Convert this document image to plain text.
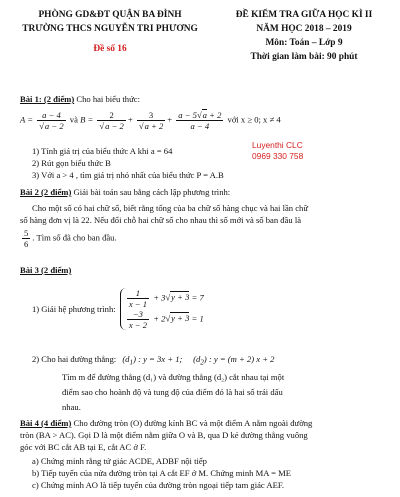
PHÒNG GD&ĐT QUẬN BA ĐÌNH
TRƯỜNG THCS NGUYỄN TRI PHƯƠNG
Đề số 16
ĐỀ KIỂM TRA GIỮA HỌC KÌ II
NĂM HỌC 2018 – 2019
Môn: Toán – Lớp 9
Thời gian làm bài: 90 phút
Luyenthi CLC
0969 330 758
Bài 1: (2 điểm) Cho hai biểu thức:
$A = \frac{a - 4}{√a - 2}$ và $B = \frac{2}{√a - 2} + \frac{3}{√a + 2} + \frac{a - 5√a + 2}{a - 4}$ với x ≥ 0; x ≠ 4
1) Tính giá trị của biểu thức A khi a = 64
2) Rút gọn biểu thức B
3) Với a > 4 , tìm giá trị nhỏ nhất của biểu thức P = A.B
Bài 2 (2 điểm) Giải bài toán sau bằng cách lập phương trình:
Cho một số có hai chữ số, biết rằng tổng của ba chữ số hàng chục và hai lần chữ
số hàng đơn vị là 22. Nếu đổi chỗ hai chữ số cho nhau thì số mới và số ban đầu là
$\frac{5}{6}$ . Tìm số đã cho ban đầu.
Bài 3 (2 điểm)
1) Giải hệ phương trình: $\frac{1}{x - 1} + 3√y + 3 = 7$
$\frac{-3}{x - 2} + 2√y + 3 = 1$
2) Cho hai đường thẳng: $(d_1)$ : y = 3x + 1;     $(d_2)$ : y = (m + 2) x + 2
Tìm m để đường thẳng (d₁) và đường thẳng (d₂) cắt nhau tại một
điểm sao cho hoành độ và tung độ của điểm đó là hai số trái dấu
nhau.
Bài 4 (4 điểm) Cho đường tròn (O) đường kính BC và một điểm A nằm ngoài đường
tròn (BA > AC). Gọi D là một điểm nằm giữa O và B, qua D kẻ đường thẳng vuông
góc với BC cắt AB tại E, cắt AC ở F.
a) Chứng minh rằng tứ giác ACDE, ADBF nội tiếp
b) Tiếp tuyến của nửa đường tròn tại A cắt EF ở M. Chứng minh MA = ME
c) Chứng minh AO là tiếp tuyến của đường tròn ngoại tiếp tam giác AEF.
